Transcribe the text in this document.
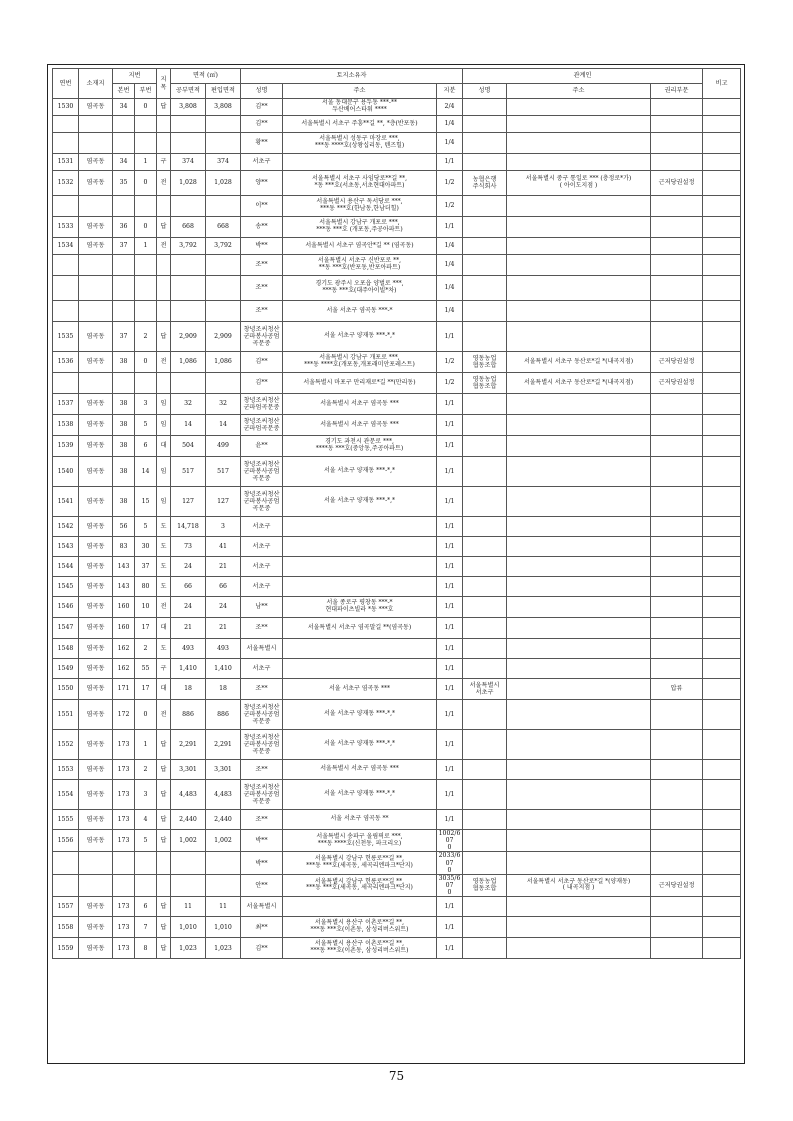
연번	소재지	지번		지목	면적 (㎡)		토지소유자			관계인			비고
		본번	부번		공부면적	편입면적	성명	주소	지분	성명	주소	권리부문	
1530	염곡동	34	0	답	3,808	3,808	김**	서울 동대문구 용두동 ***-**
두산베어스타워 ****	2/4				
							김**	서울특별시 서초구 주흥**길 **, *층(반포동)	1/4				
							황**	서울특별시 성동구 마장로 ***,
***동 ****호(상왕십리동, 텐즈힐)	1/4				
1531	염곡동	34	1	구	374	374	서초구		1/1				
1532	염곡동	35	0	전	1,028	1,028	양**	서울특별시 서초구 사임당로**길 **,
*동 ***호(서초동,서초현대아파트)	1/2	농협은행
주식회사	서울특별시 중구 통일로 *** (충정로*가)
( 아이도지점 )	근저당권설정	
							이**	서울특별시 용산구 독서당로 ***,
***동 ***호(한남동,한남더힐)	1/2				
1533	염곡동	36	0	답	668	668	송**	서울특별시 강남구 개포로 ***,
***동 ***호 (개포동,주공아파트)	1/1				
1534	염곡동	37	1	전	3,792	3,792	박**	서울특별시 서초구 염곡안*길 ** (염곡동)	1/4				
							조**	서울특별시 서초구 신반포로 **,
**동 ***호(반포동,반포아파트)	1/4				
							조**	경기도 광주시 오포읍 양벌로 ***,
***동 ***호(대주아이빌*차)	1/4				
							조**	서울 서초구 염곡동 ***-*	1/4				
1535	염곡동	37	2	답	2,909	2,909	창녕조씨청산
군파봉사공엄
곡문중	서울 서초구 양재동 ***-*,*	1/1				
1536	염곡동	38	0	전	1,086	1,086	김**	서울특별시 강남구 개포로 ***,
***동 ****호(개포동,개포래미안포레스트)	1/2	영동농업
협동조합	서울특별시 서초구 동산로*길 *(내곡지점)	근저당권설정	
							김**	서울특별시 마포구 만리재로*길 **(만리동)	1/2	영동농업
협동조합	서울특별시 서초구 동산로*길 *(내곡지점)	근저당권설정	
1537	염곡동	38	3	임	32	32	창녕조씨청산
군파엄곡문중	서울특별시 서초구 염곡동 ***	1/1				
1538	염곡동	38	5	임	14	14	창녕조씨청산
군파엄곡문중	서울특별시 서초구 염곡동 ***	1/1				
1539	염곡동	38	6	대	504	499	윤**	경기도 과천시 관문로 ***,
****동 ***호(중앙동,주공아파트)	1/1				
1540	염곡동	38	14	임	517	517	창녕조씨청산
군파봉사공엄
곡문중	서울 서초구 양재동 ***-*,*	1/1				
1541	염곡동	38	15	임	127	127	창녕조씨청산
군파봉사공엄
곡문중	서울 서초구 양재동 ***-*,*	1/1				
1542	염곡동	56	5	도	14,718	3	서초구		1/1				
1543	염곡동	83	30	도	73	41	서초구		1/1				
1544	염곡동	143	37	도	24	21	서초구		1/1				
1545	염곡동	143	80	도	66	66	서초구		1/1				
1546	염곡동	160	10	전	24	24	남**	서울 종로구 평창동 ***-*
현대파이츠빌라 *동 ***호	1/1				
1547	염곡동	160	17	대	21	21	조**	서울특별시 서초구 염곡말길 **(염곡동)	1/1				
1548	염곡동	162	2	도	493	493	서울특별시		1/1				
1549	염곡동	162	55	구	1,410	1,410	서초구		1/1				
1550	염곡동	171	17	대	18	18	조**	서울 서초구 염곡동 ***	1/1	서울특별시
서초구		압류	
1551	염곡동	172	0	전	886	886	창녕조씨청산
군파봉사공엄
곡문중	서울 서초구 양재동 ***-*,*	1/1				
1552	염곡동	173	1	답	2,291	2,291	창녕조씨청산
군파봉사공엄
곡문중	서울 서초구 양재동 ***-*,*	1/1				
1553	염곡동	173	2	답	3,301	3,301	조**	서울특별시 서초구 염곡동 ***	1/1				
1554	염곡동	173	3	답	4,483	4,483	창녕조씨청산
군파봉사공엄
곡문중	서울 서초구 양재동 ***-*,*	1/1				
1555	염곡동	173	4	답	2,440	2,440	조**	서울 서초구 염곡동 **	1/1				
1556	염곡동	173	5	답	1,002	1,002	박**	서울특별시 송파구 올림픽로 ***,
***동 ****호(신천동, 파크리오)	1002/607
0				
							박**	서울특별시 강남구 헌릉로**길 **,
***동 ***호(세곡동, 세곡리엔파크*단지)	2033/607
0				
							안**	서울특별시 강남구 헌릉로**길 **,
***동 ***호(세곡동, 세곡리엔파크*단지)	3035/607
0	영동농업
협동조합	서울특별시 서초구 동산로*길 *(양재동)
( 내곡지점 )	근저당권설정	
1557	염곡동	173	6	답	11	11	서울특별시		1/1				
1558	염곡동	173	7	답	1,010	1,010	최**	서울특별시 용산구 이촌로**길 **,
***동 ***호(이촌동, 삼성리버스위트)	1/1				
1559	염곡동	173	8	답	1,023	1,023	김**	서울특별시 용산구 이촌로**길 **,
***동 ***호(이촌동, 삼성리버스위트)	1/1				
75
